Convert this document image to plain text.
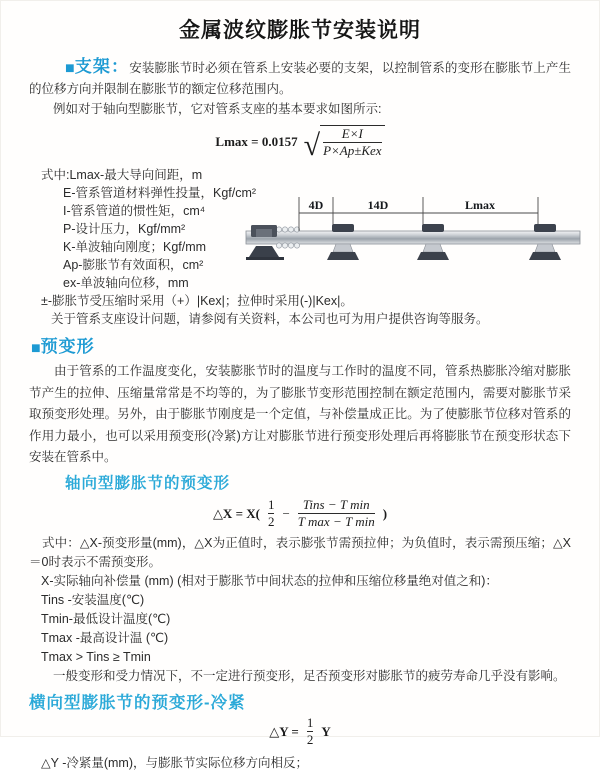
金属波纹膨胀节安装说明
■支架：安装膨胀节时必须在管系上安装必要的支架，以控制管系的变形在膨胀节上产生的位移方向并限制在膨胀节的额定位移范围内。
例如对于轴向型膨胀节，它对管系支座的基本要求如图所示:
Lmax = 0.0157 √ $\frac{E\times I}{\text{P×Ap±Kex}}$
式中:Lmax-最大导向间距，m
E-管系管道材料弹性投量，Kgf/cm²
I-管系管道的惯性矩，cm⁴
P-设计压力，Kgf/mm²
K-单波轴向刚度；Kgf/mm
Ap-膨胀节有效面积，cm²
ex-单波轴向位移，mm
±-膨胀节受压缩时采用（+）|Kex|；拉伸时采用(-)|Kex|。
关于管系支座设计问题，请参阅有关资料，本公司也可为用户提供咨询等服务。
4D	14D	Lmax
■预变形
由于管系的工作温度变化，安装膨胀节时的温度与工作时的温度不同，管系热膨胀冷缩对膨胀节产生的拉伸、压缩量常常是不均等的，为了膨胀节变形范围控制在额定范围内，需要对膨胀节采取预变形处理。另外，由于膨胀节刚度是一个定值，与补偿量成正比。为了使膨胀节位移对管系的作用力最小，也可以采用预变形(冷紧)方让对膨胀节进行预变形处理后再将膨胀节在预变形状态下安装在管系中。
轴向型膨胀节的预变形
△X = $X( \frac{1}{2} - \frac{\text{Tins − T min}}{\text{T max − T min}}$ )
式中：△X-预变形量(mm)，△X为正值时，表示膨张节需预拉伸；为负值时，表示需预压缩；△X＝0时表示不需预变形。
X-实际轴向补偿量 (mm) (相对于膨胀节中间状态的拉伸和压缩位移量绝对值之和)：
Tins -安装温度(℃)
Tmin-最低设计温度(℃)
Tmax -最高设计温 (℃)
Tmax > Tins ≥ Tmin
一般变形和受力情况下，不一定进行预变形，足否预变形对膨胀节的疲劳寿命几乎没有影响。
横向型膨胀节的预变形-冷紧
△Y = $\frac{1}{2}$ Y
△Y -冷紧量(mm)，与膨胀节实际位移方向相反；
